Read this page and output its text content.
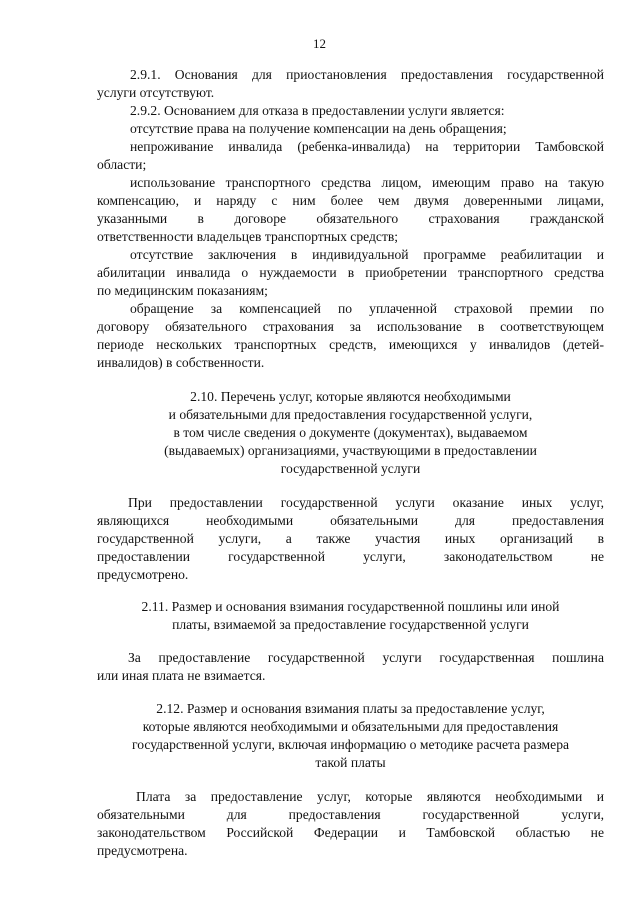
12
2.9.1. Основания для приостановления предоставления государственной
услуги отсутствуют.
2.9.2. Основанием для отказа в предоставлении услуги является:
отсутствие права на получение компенсации на день обращения;
непроживание инвалида (ребенка-инвалида) на территории Тамбовской
области;
использование транспортного средства лицом, имеющим право на такую
компенсацию, и наряду с ним более чем двумя доверенными лицами,
указанными в договоре обязательного страхования гражданской
ответственности владельцев транспортных средств;
отсутствие заключения в индивидуальной программе реабилитации и
абилитации инвалида о нуждаемости в приобретении транспортного средства
по медицинским показаниям;
обращение за компенсацией по уплаченной страховой премии по
договору обязательного страхования за использование в соответствующем
периоде нескольких транспортных средств, имеющихся у инвалидов (детей-
инвалидов) в собственности.
2.10. Перечень услуг, которые являются необходимыми
и обязательными для предоставления государственной услуги,
в том числе сведения о документе (документах), выдаваемом
(выдаваемых) организациями, участвующими в предоставлении
государственной услуги
При предоставлении государственной услуги оказание иных услуг,
являющихся необходимыми обязательными для предоставления
государственной услуги, а также участия иных организаций в
предоставлении государственной услуги, законодательством не
предусмотрено.
2.11. Размер и основания взимания государственной пошлины или иной
платы, взимаемой за предоставление государственной услуги
За предоставление государственной услуги государственная пошлина
или иная плата не взимается.
2.12. Размер и основания взимания платы за предоставление услуг,
которые являются необходимыми и обязательными для предоставления
государственной услуги, включая информацию о методике расчета размера
такой платы
Плата за предоставление услуг, которые являются необходимыми и
обязательными для предоставления государственной услуги,
законодательством Российской Федерации и Тамбовской областью не
предусмотрена.
